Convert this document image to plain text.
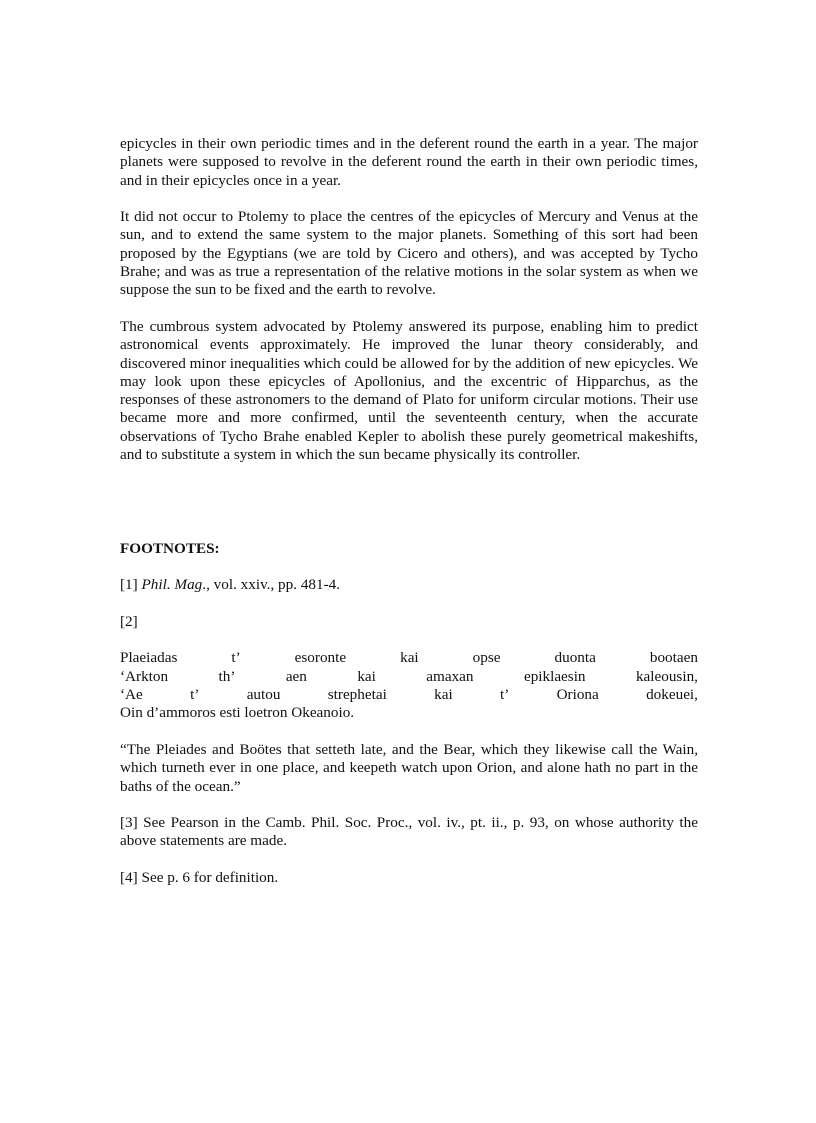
epicycles in their own periodic times and in the deferent round the earth in a year. The major planets were supposed to revolve in the deferent round the earth in their own periodic times, and in their epicycles once in a year.

It did not occur to Ptolemy to place the centres of the epicycles of Mercury and Venus at the sun, and to extend the same system to the major planets. Something of this sort had been proposed by the Egyptians (we are told by Cicero and others), and was accepted by Tycho Brahe; and was as true a representation of the relative motions in the solar system as when we suppose the sun to be fixed and the earth to revolve.

The cumbrous system advocated by Ptolemy answered its purpose, enabling him to predict astronomical events approximately. He improved the lunar theory considerably, and discovered minor inequalities which could be allowed for by the addition of new epicycles. We may look upon these epicycles of Apollonius, and the excentric of Hipparchus, as the responses of these astronomers to the demand of Plato for uniform circular motions. Their use became more and more confirmed, until the seventeenth century, when the accurate observations of Tycho Brahe enabled Kepler to abolish these purely geometrical makeshifts, and to substitute a system in which the sun became physically its controller.

FOOTNOTES:

[1] Phil. Mag., vol. xxiv., pp. 481-4.

[2]

Plaeiadas	t’	esoronte	kai	opse	duonta	bootaen
‘Arkton	th’	aen	kai	amaxan	epiklaesin	kaleousin,
‘Ae	t’	autou	strephetai	kai	t’	Oriona	dokeuei,
Oin d’ammoros esti loetron Okeanoio.

“The Pleiades and Boötes that setteth late, and the Bear, which they likewise call the Wain, which turneth ever in one place, and keepeth watch upon Orion, and alone hath no part in the baths of the ocean.”

[3] See Pearson in the Camb. Phil. Soc. Proc., vol. iv., pt. ii., p. 93, on whose authority the above statements are made.

[4] See p. 6 for definition.
